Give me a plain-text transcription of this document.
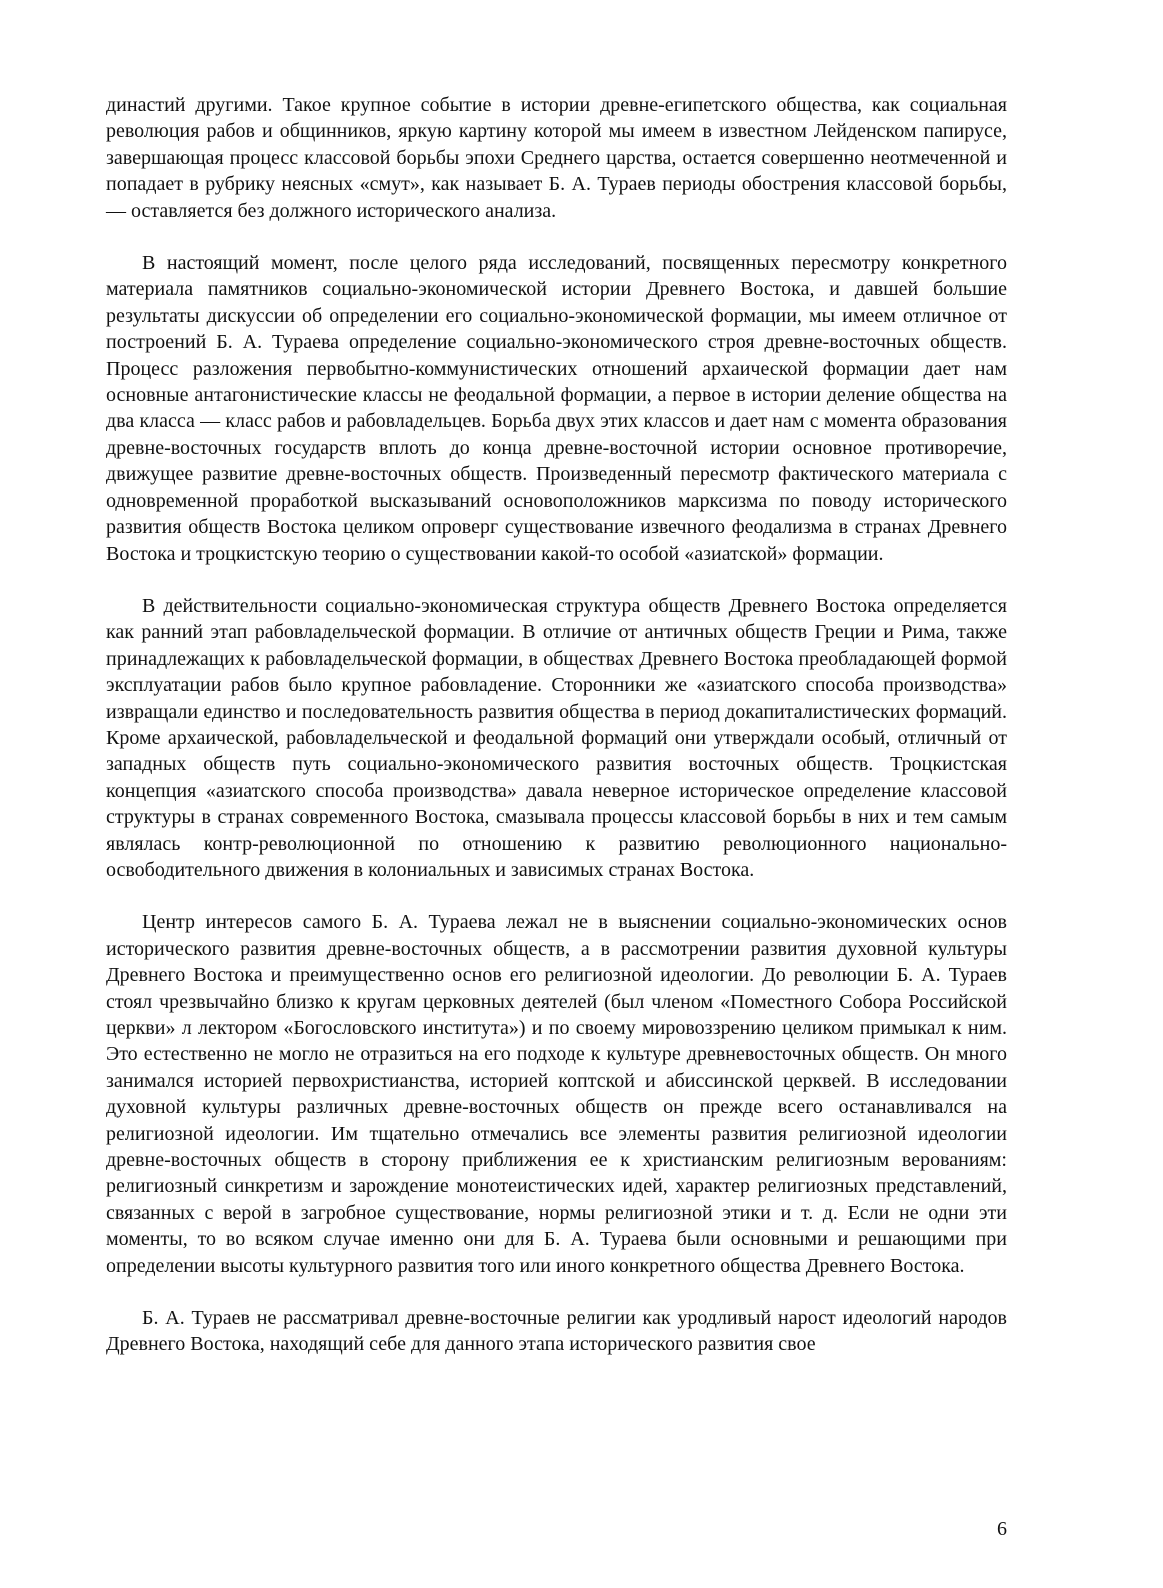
династий другими. Такое крупное событие в истории древне-египетского общества, как социальная революция рабов и общинников, яркую картину которой мы имеем в известном Лейденском папирусе, завершающая процесс классовой борьбы эпохи Среднего царства, остается совершенно неотмеченной и попадает в рубрику неясных «смут», как называет Б. А. Тураев периоды обострения классовой борьбы, — оставляется без должного исторического анализа.

В настоящий момент, после целого ряда исследований, посвященных пересмотру конкретного материала памятников социально-экономической истории Древнего Востока, и давшей большие результаты дискуссии об определении его социально-экономической формации, мы имеем отличное от построений Б. А. Тураева определение социально-экономического строя древне-восточных обществ. Процесс разложения первобытно-коммунистических отношений архаической формации дает нам основные антагонистические классы не феодальной формации, а первое в истории деление общества на два класса — класс рабов и рабовладельцев. Борьба двух этих классов и дает нам с момента образования древне-восточных государств вплоть до конца древне-восточной истории основное противоречие, движущее развитие древне-восточных обществ. Произведенный пересмотр фактического материала с одновременной проработкой высказываний основоположников марксизма по поводу исторического развития обществ Востока целиком опроверг существование извечного феодализма в странах Древнего Востока и троцкистскую теорию о существовании какой-то особой «азиатской» формации.

В действительности социально-экономическая структура обществ Древнего Востока определяется как ранний этап рабовладельческой формации. В отличие от античных обществ Греции и Рима, также принадлежащих к рабовладельческой формации, в обществах Древнего Востока преобладающей формой эксплуатации рабов было крупное рабовладение. Сторонники же «азиатского способа производства» извращали единство и последовательность развития общества в период докапиталистических формаций. Кроме архаической, рабовладельческой и феодальной формаций они утверждали особый, отличный от западных обществ путь социально-экономического развития восточных обществ. Троцкистская концепция «азиатского способа производства» давала неверное историческое определение классовой структуры в странах современного Востока, смазывала процессы классовой борьбы в них и тем самым являлась контр-революционной по отношению к развитию революционного национально-освободительного движения в колониальных и зависимых странах Востока.

Центр интересов самого Б. А. Тураева лежал не в выяснении социально-экономических основ исторического развития древне-восточных обществ, а в рассмотрении развития духовной культуры Древнего Востока и преимущественно основ его религиозной идеологии. До революции Б. А. Тураев стоял чрезвычайно близко к кругам церковных деятелей (был членом «Поместного Собора Российской церкви» л лектором «Богословского института») и по своему мировоззрению целиком примыкал к ним. Это естественно не могло не отразиться на его подходе к культуре древневосточных обществ. Он много занимался историей первохристианства, историей коптской и абиссинской церквей. В исследовании духовной культуры различных древне-восточных обществ он прежде всего останавливался на религиозной идеологии. Им тщательно отмечались все элементы развития религиозной идеологии древне-восточных обществ в сторону приближения ее к христианским религиозным верованиям: религиозный синкретизм и зарождение монотеистических идей, характер религиозных представлений, связанных с верой в загробное существование, нормы религиозной этики и т. д. Если не одни эти моменты, то во всяком случае именно они для Б. А. Тураева были основными и решающими при определении высоты культурного развития того или иного конкретного общества Древнего Востока.

Б. А. Тураев не рассматривал древне-восточные религии как уродливый нарост идеологий народов Древнего Востока, находящий себе для данного этапа исторического развития свое

6
